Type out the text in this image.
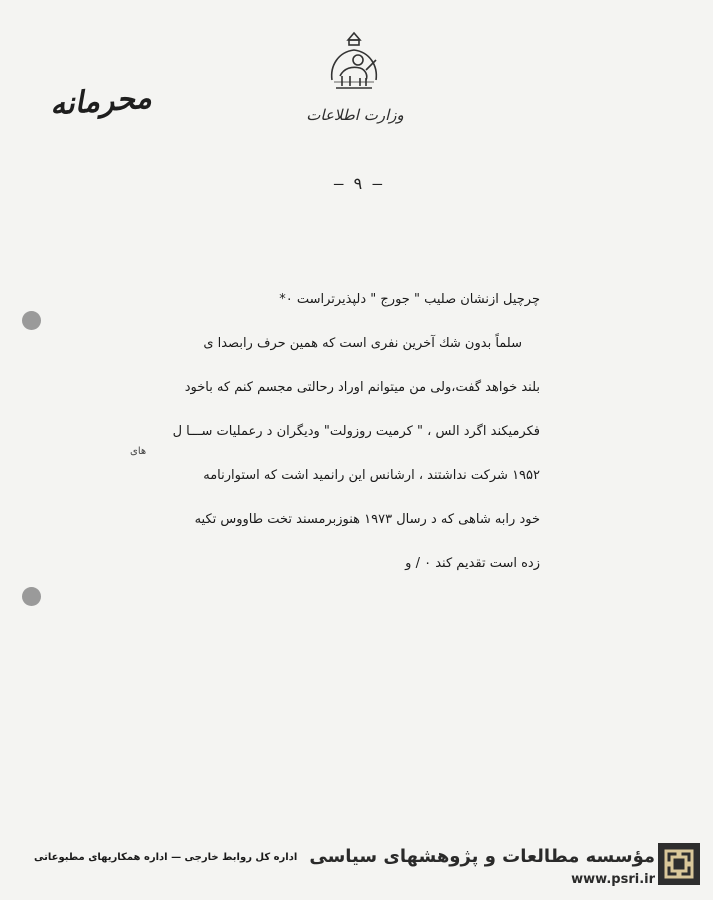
وزارت اطلاعات
محرمانه
— ۹ —
چرچیل ازنشان صلیب " جورج " دلپذیرتراست ۰*
سلماً بدون شك آخرین نفری است كه همین حرف رابصدا ی
بلند خواهد گفت،ولی من میتوانم اوراد رحالتی مجسم كنم كه باخود
فكرمیكند اگرد الس ، " كرمیت روزولت" ودیگران د رعملیات ســـا ل
۱۹۵۲ شركت نداشتند ، ارشانس این رانمید اشت كه استوارنامه
خود رابه شاهی كه د رسال ۱۹۷۳ هنوزبرمسند تخت طاووس تكیه
زده است تقدیم كند ۰ / و
های
اداره كل روابط خارجی — اداره همكاریهای مطبوعاتی مؤسسه مطالعات و پژوهشهای سیاسی
www.psri.ir
